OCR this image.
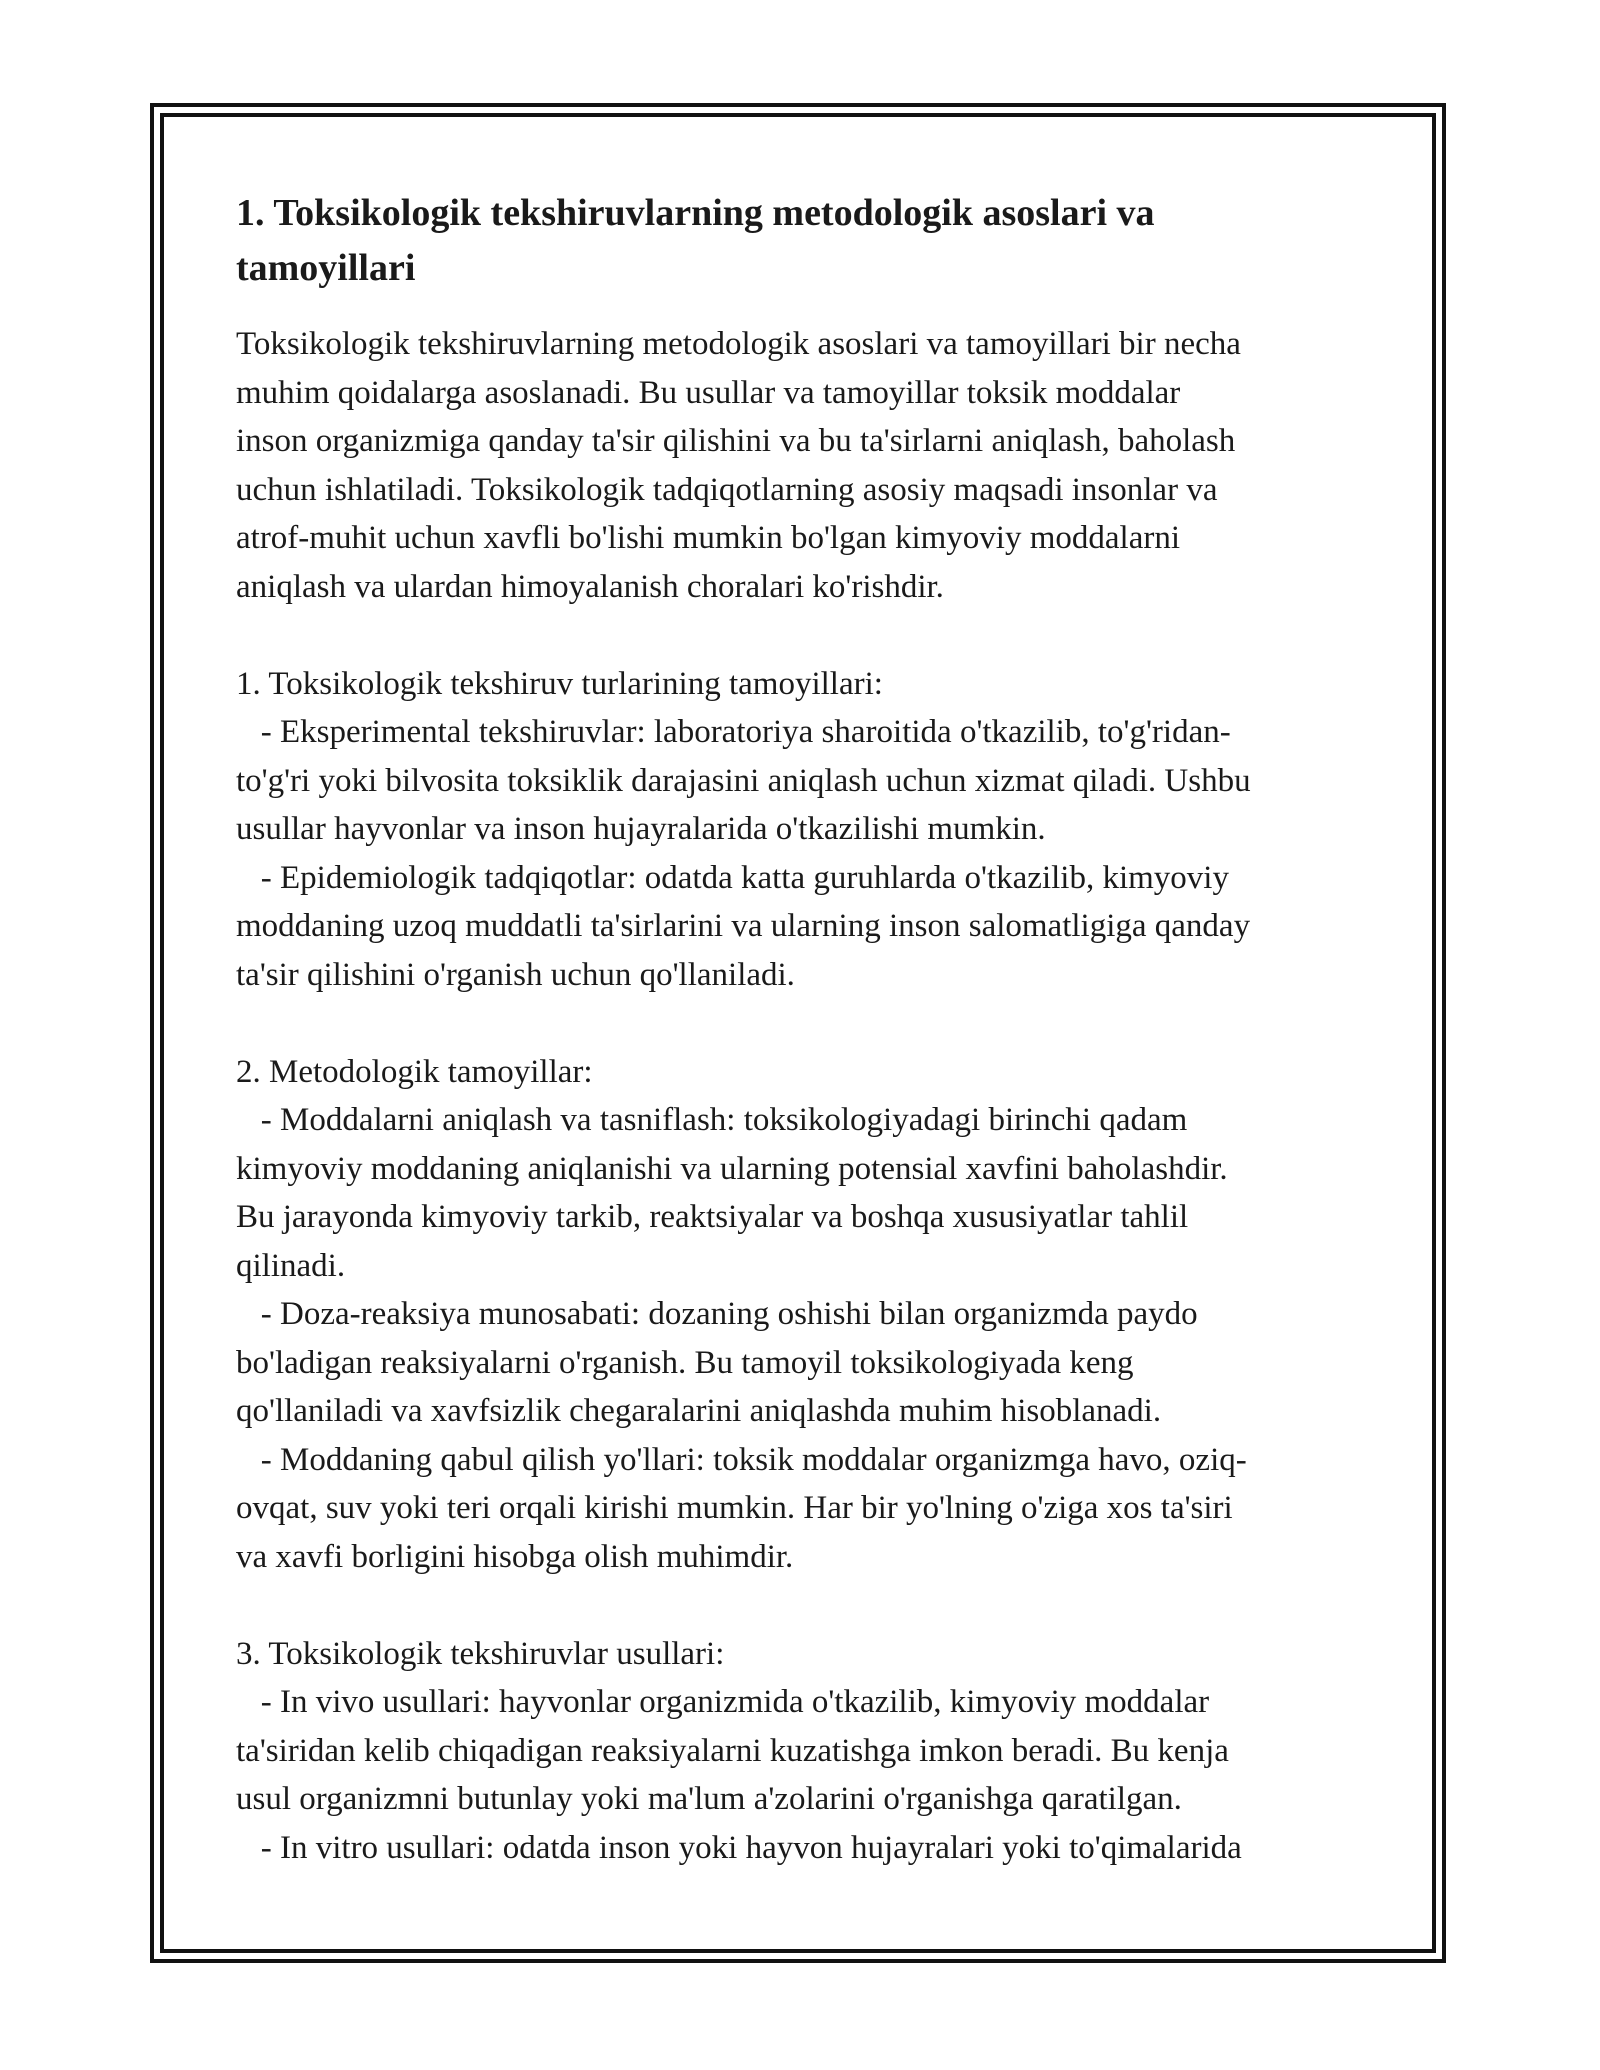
1. Toksikologik tekshiruvlarning metodologik asoslari va
tamoyillari
Toksikologik tekshiruvlarning metodologik asoslari va tamoyillari bir necha
muhim qoidalarga asoslanadi. Bu usullar va tamoyillar toksik moddalar
inson organizmiga qanday ta'sir qilishini va bu ta'sirlarni aniqlash, baholash
uchun ishlatiladi. Toksikologik tadqiqotlarning asosiy maqsadi insonlar va
atrof-muhit uchun xavfli bo'lishi mumkin bo'lgan kimyoviy moddalarni
aniqlash va ulardan himoyalanish choralari ko'rishdir.
1. Toksikologik tekshiruv turlarining tamoyillari:
- Eksperimental tekshiruvlar: laboratoriya sharoitida o'tkazilib, to'g'ridan-
to'g'ri yoki bilvosita toksiklik darajasini aniqlash uchun xizmat qiladi. Ushbu
usullar hayvonlar va inson hujayralarida o'tkazilishi mumkin.
- Epidemiologik tadqiqotlar: odatda katta guruhlarda o'tkazilib, kimyoviy
moddaning uzoq muddatli ta'sirlarini va ularning inson salomatligiga qanday
ta'sir qilishini o'rganish uchun qo'llaniladi.
2. Metodologik tamoyillar:
- Moddalarni aniqlash va tasniflash: toksikologiyadagi birinchi qadam
kimyoviy moddaning aniqlanishi va ularning potensial xavfini baholashdir.
Bu jarayonda kimyoviy tarkib, reaktsiyalar va boshqa xususiyatlar tahlil
qilinadi.
- Doza-reaksiya munosabati: dozaning oshishi bilan organizmda paydo
bo'ladigan reaksiyalarni o'rganish. Bu tamoyil toksikologiyada keng
qo'llaniladi va xavfsizlik chegaralarini aniqlashda muhim hisoblanadi.
- Moddaning qabul qilish yo'llari: toksik moddalar organizmga havo, oziq-
ovqat, suv yoki teri orqali kirishi mumkin. Har bir yo'lning o'ziga xos ta'siri
va xavfi borligini hisobga olish muhimdir.
3. Toksikologik tekshiruvlar usullari:
- In vivo usullari: hayvonlar organizmida o'tkazilib, kimyoviy moddalar
ta'siridan kelib chiqadigan reaksiyalarni kuzatishga imkon beradi. Bu kenja
usul organizmni butunlay yoki ma'lum a'zolarini o'rganishga qaratilgan.
- In vitro usullari: odatda inson yoki hayvon hujayralari yoki to'qimalarida
